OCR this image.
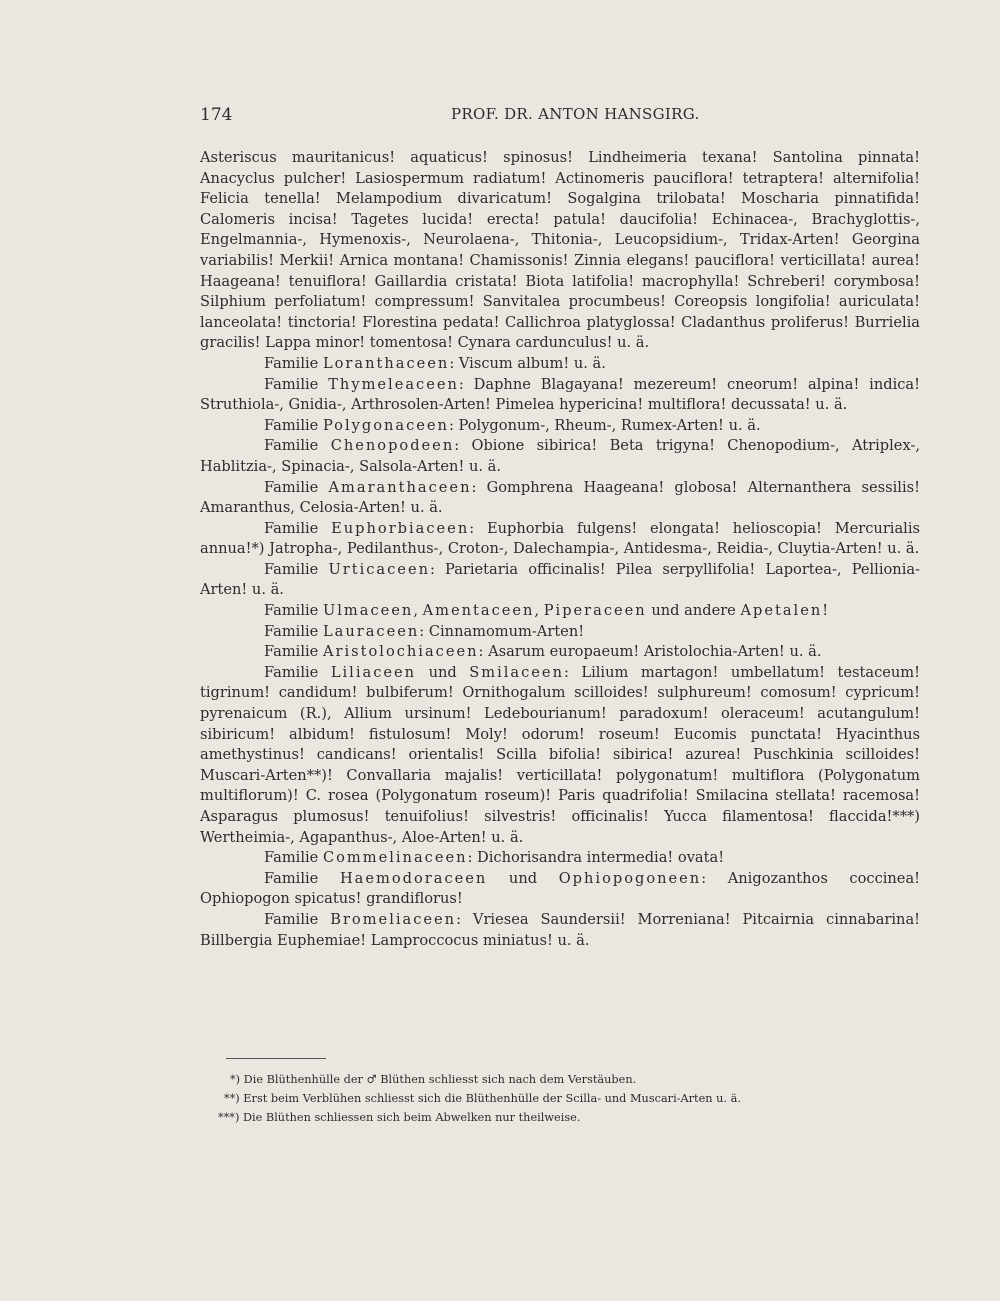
174	PROF. DR. ANTON HANSGIRG.

Asteriscus mauritanicus! aquaticus! spinosus! Lindheimeria texana! Santolina pinnata! Anacyclus pulcher! Lasiospermum radiatum! Actinomeris pauciflora! tetraptera! alternifolia! Felicia tenella! Melampodium divaricatum! Sogalgina trilobata! Moscharia pinnatifida! Calomeris incisa! Tagetes lucida! erecta! patula! daucifolia! Echinacea-, Brachyglottis-, Engelmannia-, Hymenoxis-, Neurolaena-, Thitonia-, Leucopsidium-, Tridax-Arten! Georgina variabilis! Merkii! Arnica montana! Chamissonis! Zinnia elegans! pauciflora! verticillata! aurea! Haageana! tenuiflora! Gaillardia cristata! Biota latifolia! macrophylla! Schreberi! corymbosa! Silphium perfoliatum! compressum! Sanvitalea procumbeus! Coreopsis longifolia! auriculata! lanceolata! tinctoria! Florestina pedata! Callichroa platyglossa! Cladanthus proliferus! Burrielia gracilis! Lappa minor! tomentosa! Cynara cardunculus! u. ä.

Familie Loranthaceen: Viscum album! u. ä.

Familie Thymeleaceen: Daphne Blagayana! mezereum! cneorum! alpina! indica! Struthiola-, Gnidia-, Arthrosolen-Arten! Pimelea hypericina! multiflora! decussata! u. ä.

Familie Polygonaceen: Polygonum-, Rheum-, Rumex-Arten! u. ä.

Familie Chenopodeen: Obione sibirica! Beta trigyna! Chenopodium-, Atriplex-, Hablitzia-, Spinacia-, Salsola-Arten! u. ä.

Familie Amaranthaceen: Gomphrena Haageana! globosa! Alternanthera sessilis! Amaranthus, Celosia-Arten! u. ä.

Familie Euphorbiaceen: Euphorbia fulgens! elongata! helioscopia! Mercurialis annua!*) Jatropha-, Pedilanthus-, Croton-, Dalechampia-, Antidesma-, Reidia-, Cluytia-Arten! u. ä.

Familie Urticaceen: Parietaria officinalis! Pilea serpyllifolia! Laportea-, Pellionia-Arten! u. ä.

Familie Ulmaceen, Amentaceen, Piperaceen und andere Apetalen!

Familie Lauraceen: Cinnamomum-Arten!

Familie Aristolochiaceen: Asarum europaeum! Aristolochia-Arten! u. ä.

Familie Liliaceen und Smilaceen: Lilium martagon! umbellatum! testaceum! tigrinum! candidum! bulbiferum! Ornithogalum scilloides! sulphureum! comosum! cypricum! pyrenaicum (R.), Allium ursinum! Ledebourianum! paradoxum! oleraceum! acutangulum! sibiricum! albidum! fistulosum! Moly! odorum! roseum! Eucomis punctata! Hyacinthus amethystinus! candicans! orientalis! Scilla bifolia! sibirica! azurea! Puschkinia scilloides! Muscari-Arten**)! Convallaria majalis! verticillata! polygonatum! multiflora (Polygonatum multiflorum)! C. rosea (Polygonatum roseum)! Paris quadrifolia! Smilacina stellata! racemosa! Asparagus plumosus! tenuifolius! silvestris! officinalis! Yucca filamentosa! flaccida!***) Wertheimia-, Agapanthus-, Aloe-Arten! u. ä.

Familie Commelinaceen: Dichorisandra intermedia! ovata!

Familie Haemodoraceen und Ophiopogoneen: Anigozanthos coccinea! Ophiopogon spicatus! grandiflorus!

Familie Bromeliaceen: Vriesea Saundersii! Morreniana! Pitcairnia cinnabarina! Billbergia Euphemiae! Lamproccocus miniatus! u. ä.

*) Die Blüthenhülle der ♂ Blüthen schliesst sich nach dem Verstäuben.

**) Erst beim Verblühen schliesst sich die Blüthenhülle der Scilla- und Muscari-Arten u. ä.

***) Die Blüthen schliessen sich beim Abwelken nur theilweise.
